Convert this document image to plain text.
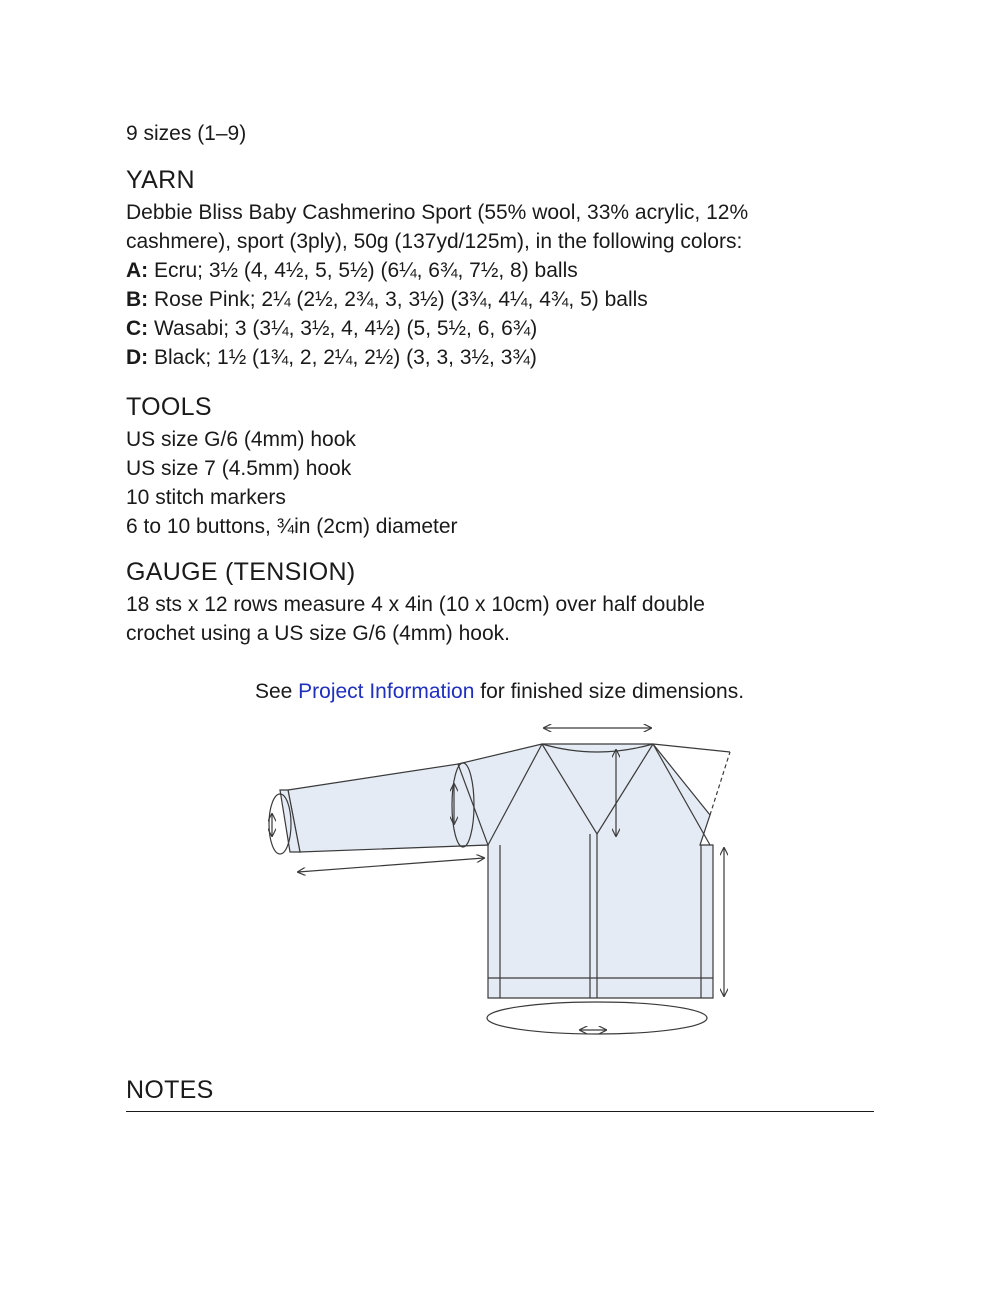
9 sizes (1–9)
YARN
Debbie Bliss Baby Cashmerino Sport (55% wool, 33% acrylic, 12%
cashmere), sport (3ply), 50g (137yd/125m), in the following colors:
A: Ecru; 3½ (4, 4½, 5, 5½) (6¼, 6¾, 7½, 8) balls
B: Rose Pink; 2¼ (2½, 2¾, 3, 3½) (3¾, 4¼, 4¾, 5) balls
C: Wasabi; 3 (3¼, 3½, 4, 4½) (5, 5½, 6, 6¾)
D: Black; 1½ (1¾, 2, 2¼, 2½) (3, 3, 3½, 3¾)
TOOLS
US size G/6 (4mm) hook
US size 7 (4.5mm) hook
10 stitch markers
6 to 10 buttons, ¾in (2cm) diameter
GAUGE (TENSION)
18 sts x 12 rows measure 4 x 4in (10 x 10cm) over half double
crochet using a US size G/6 (4mm) hook.
See Project Information for finished size dimensions.
NOTES
